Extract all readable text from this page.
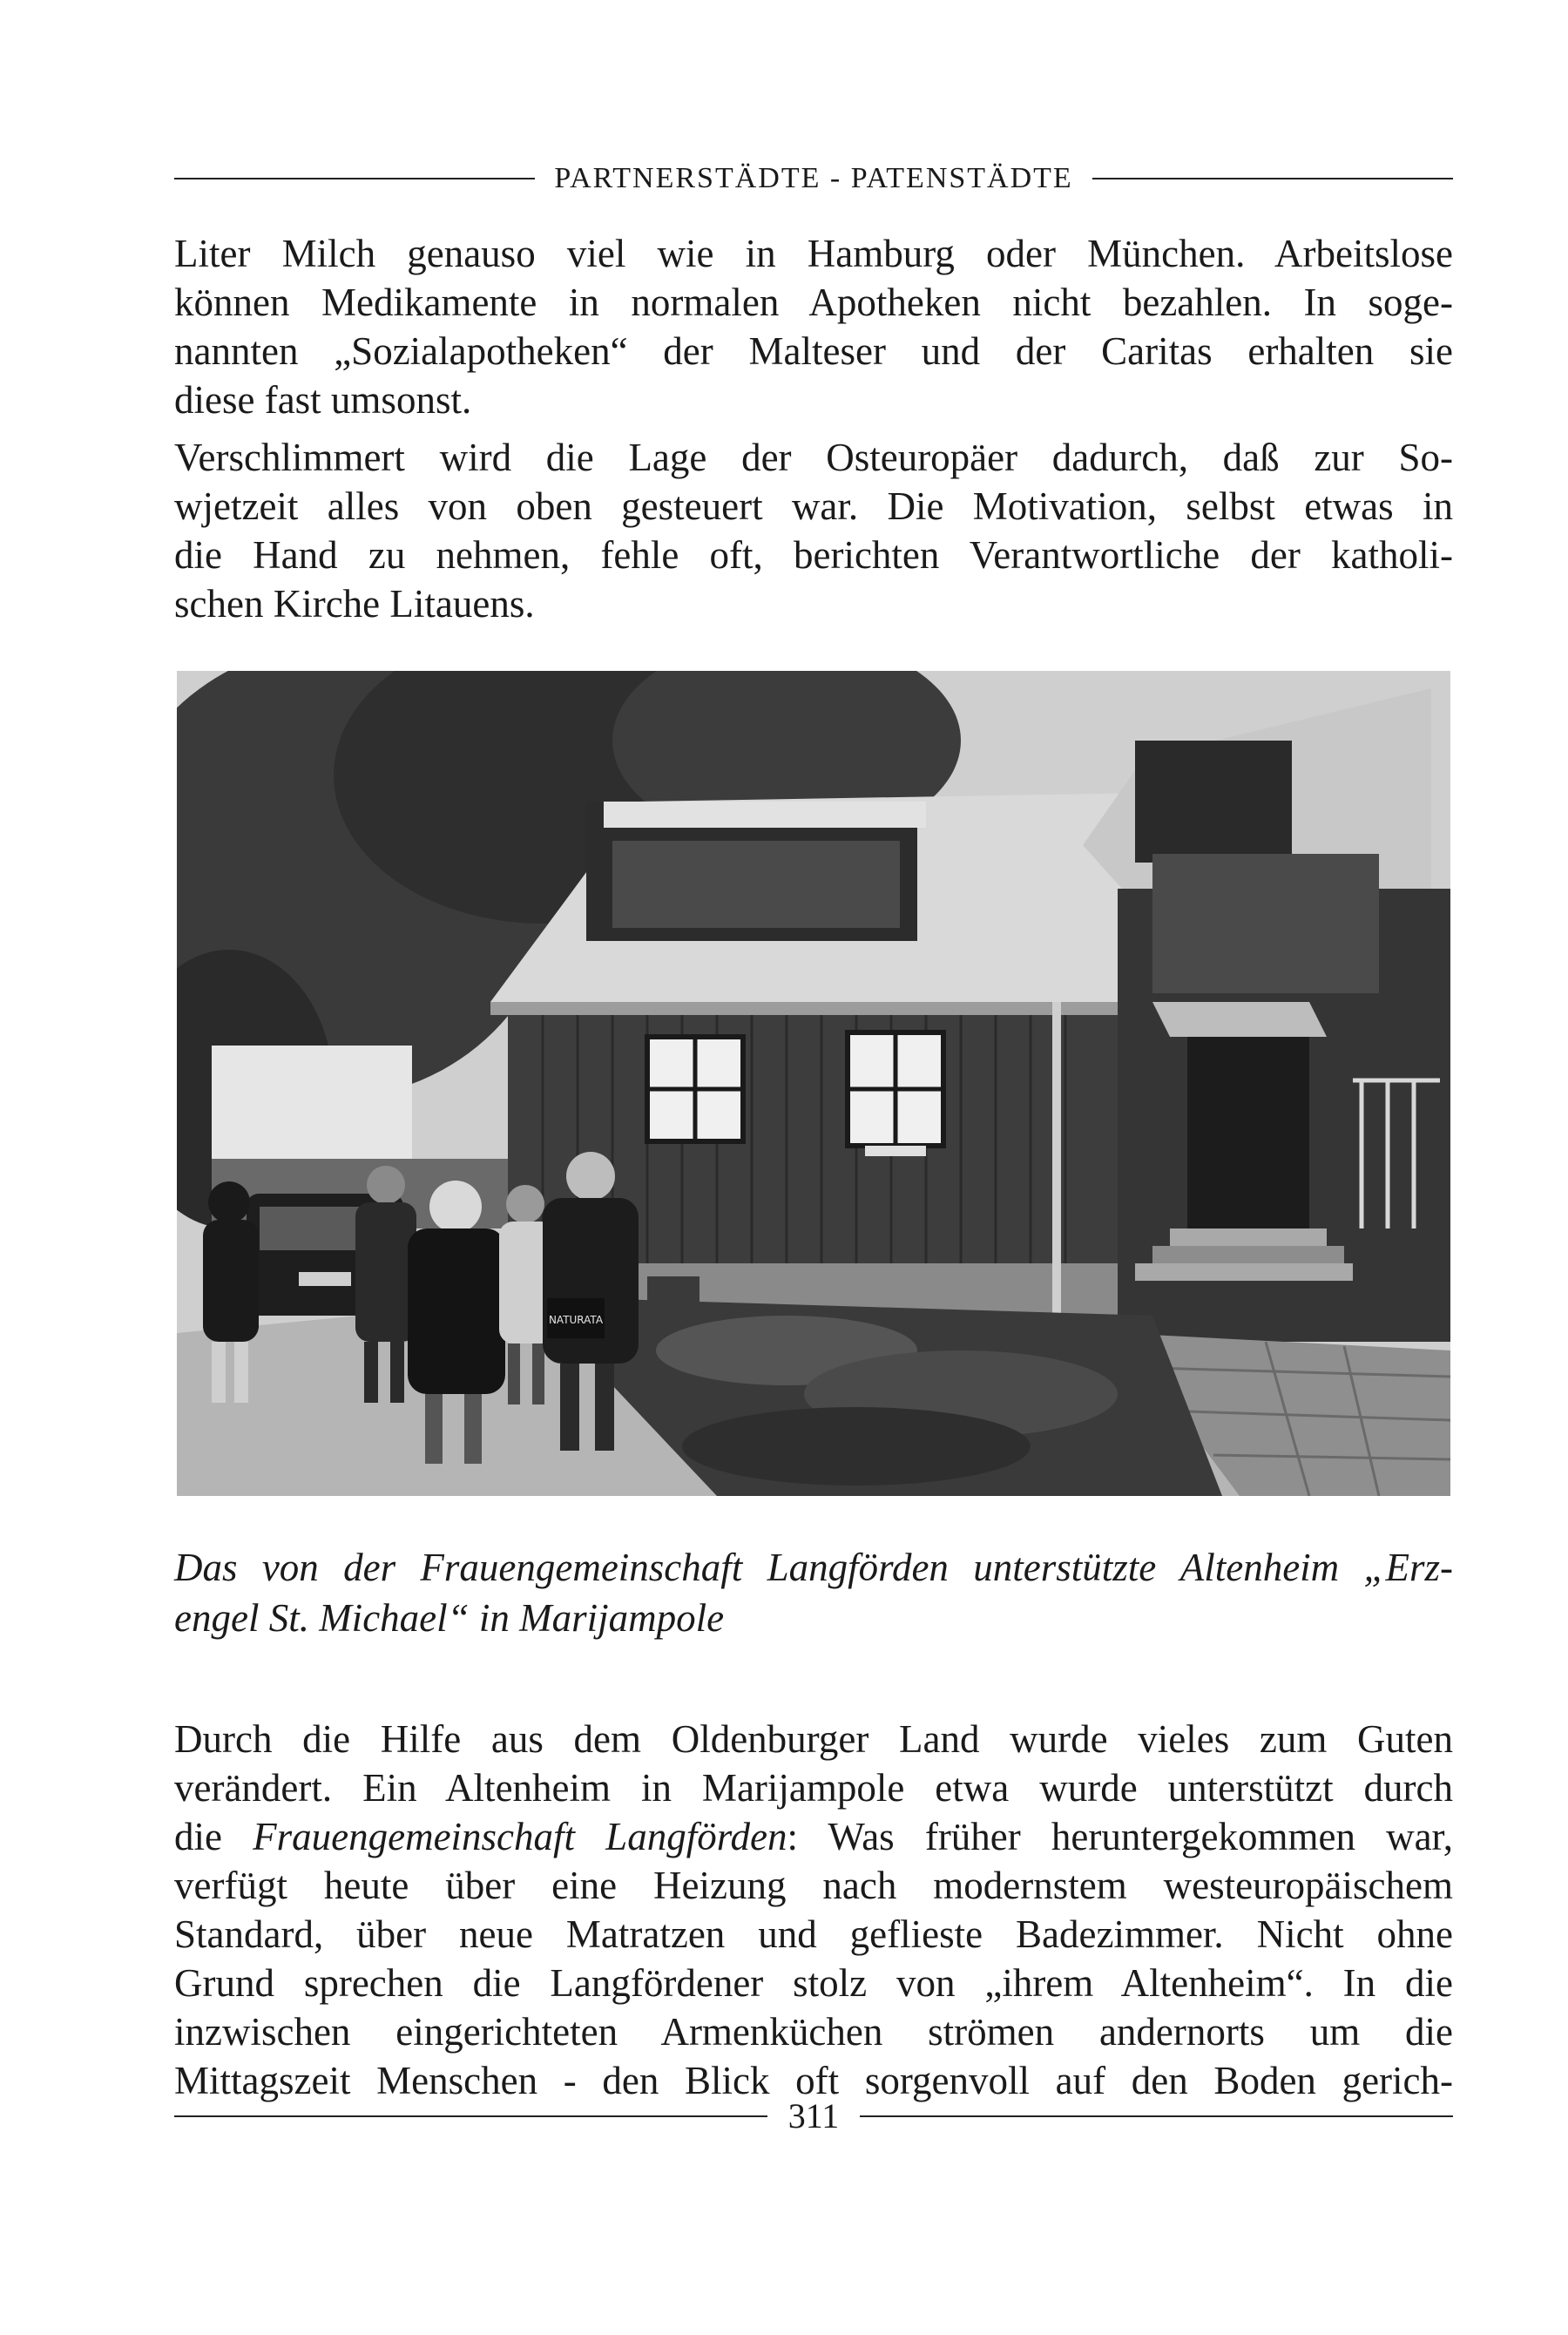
PARTNERSTÄDTE - PATENSTÄDTE

Liter Milch genauso viel wie in Hamburg oder München. Arbeitslose
können Medikamente in normalen Apotheken nicht bezahlen. In soge-
nannten „Sozialapotheken“ der Malteser und der Caritas erhalten sie
diese fast umsonst.

Verschlimmert wird die Lage der Osteuropäer dadurch, daß zur So-
wjetzeit alles von oben gesteuert war. Die Motivation, selbst etwas in
die Hand zu nehmen, fehle oft, berichten Verantwortliche der katholi-
schen Kirche Litauens.

NATURATA

Das von der Frauengemeinschaft Langförden unterstützte Altenheim „Erz-
engel St. Michael“ in Marijampole

Durch die Hilfe aus dem Oldenburger Land wurde vieles zum Guten
verändert. Ein Altenheim in Marijampole etwa wurde unterstützt durch
die Frauengemeinschaft Langförden: Was früher heruntergekommen war,
verfügt heute über eine Heizung nach modernstem westeuropäischem
Standard, über neue Matratzen und geflieste Badezimmer. Nicht ohne
Grund sprechen die Langfördener stolz von „ihrem Altenheim“. In die
inzwischen eingerichteten Armenküchen strömen andernorts um die
Mittagszeit Menschen - den Blick oft sorgenvoll auf den Boden gerich-

311
